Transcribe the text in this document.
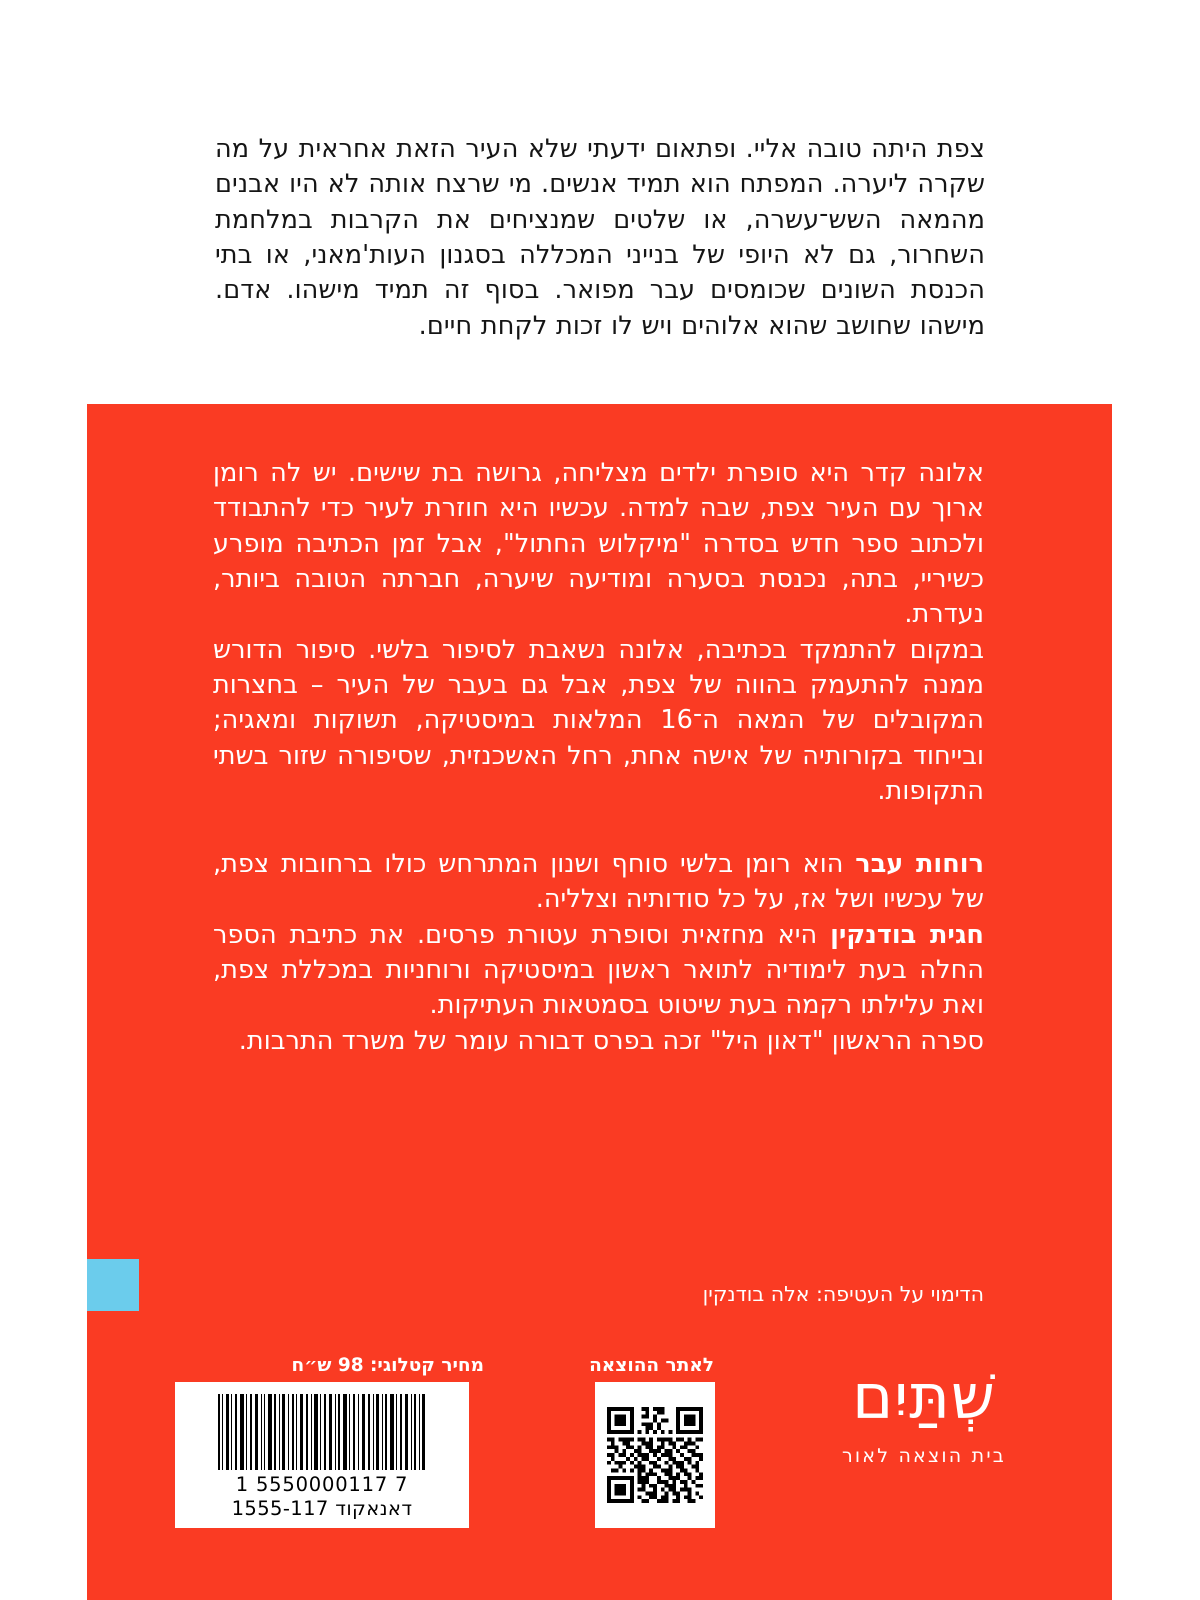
צפת היתה טובה אליי. ופתאום ידעתי שלא העיר הזאת אחראית על מה שקרה ליערה. המפתח הוא תמיד אנשים. מי שרצח אותה לא היו אבנים מהמאה השש־עשרה, או שלטים שמנציחים את הקרבות במלחמת השחרור, גם לא היופי של בנייני המכללה בסגנון העות'מאני, או בתי הכנסת השונים שכומסים עבר מפואר. בסוף זה תמיד מישהו. אדם. מישהו שחושב שהוא אלוהים ויש לו זכות לקחת חיים.

אלונה קדר היא סופרת ילדים מצליחה, גרושה בת שישים. יש לה רומן ארוך עם העיר צפת, שבה למדה. עכשיו היא חוזרת לעיר כדי להתבודד ולכתוב ספר חדש בסדרה "מיקלוש החתול", אבל זמן הכתיבה מופרע כשיריי, בתה, נכנסת בסערה ומודיעה שיערה, חברתה הטובה ביותר, נעדרת.

במקום להתמקד בכתיבה, אלונה נשאבת לסיפור בלשי. סיפור הדורש ממנה להתעמק בהווה של צפת, אבל גם בעבר של העיר – בחצרות המקובלים של המאה ה־16 המלאות במיסטיקה, תשוקות ומאגיה; ובייחוד בקורותיה של אישה אחת, רחל האשכנזית, שסיפורה שזור בשתי התקופות.

רוחות עבר הוא רומן בלשי סוחף ושנון המתרחש כולו ברחובות צפת, של עכשיו ושל אז, על כל סודותיה וצלליה.

חגית בודנקין היא מחזאית וסופרת עטורת פרסים. את כתיבת הספר החלה בעת לימודיה לתואר ראשון במיסטיקה ורוחניות במכללת צפת, ואת עלילתו רקמה בעת שיטוט בסמטאות העתיקות.

ספרה הראשון "דאון היל" זכה בפרס דבורה עומר של משרד התרבות.

הדימוי על העטיפה: אלה בודנקין
מחיר קטלוגי: 98 ש״ח
1 5550000117 7
דאנאקוד 1555-117
לאתר ההוצאה	שְׁתַּיִם
בית הוצאה לאור
